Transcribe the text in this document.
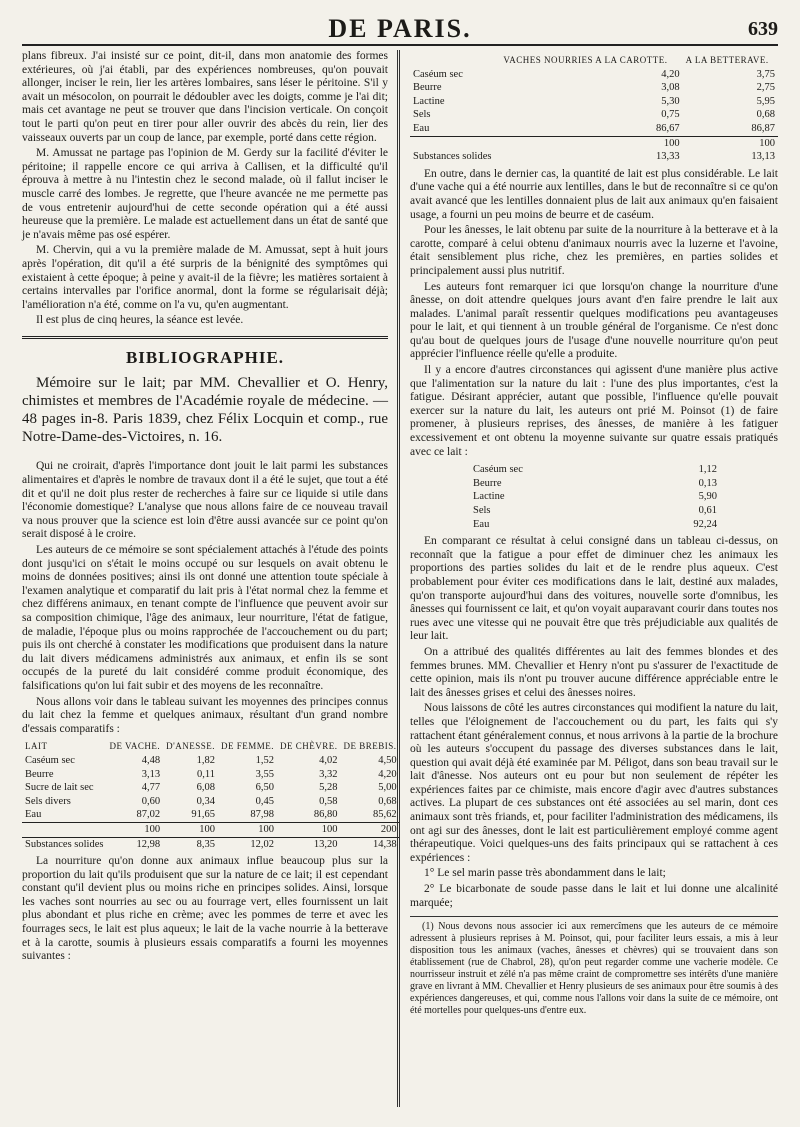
DE PARIS.	639

plans fibreux. J'ai insisté sur ce point, dit-il, dans mon anatomie des formes extérieures, où j'ai établi, par des expériences nombreuses, qu'on pouvait allonger, inciser le rein, lier les artères lombaires, sans léser le péritoine. S'il y avait un mésocolon, on pourrait le dédoubler avec les doigts, comme je l'ai dit; mais cet avantage ne peut se trouver que dans l'incision verticale. On conçoit tout le parti qu'on peut en tirer pour aller ouvrir des abcès du rein, lier des vaisseaux ouverts par un coup de lance, par exemple, porté dans cette région.

M. Amussat ne partage pas l'opinion de M. Gerdy sur la facilité d'éviter le péritoine; il rappelle encore ce qui arriva à Callisen, et la difficulté qu'il éprouva à mettre à nu l'intestin chez le second malade, où il fallut inciser le muscle carré des lombes. Je regrette, que l'heure avancée ne me permette pas de vous entretenir aujourd'hui de cette seconde opération qui a été aussi heureuse que la première. Le malade est actuellement dans un état de santé que je n'avais même pas osé espérer.

M. Chervin, qui a vu la première malade de M. Amussat, sept à huit jours après l'opération, dit qu'il a été surpris de la bénignité des symptômes qui existaient à cette époque; à peine y avait-il de la fièvre; les matières sortaient à certains intervalles par l'orifice anormal, dont la forme se régularisait déjà; l'amélioration n'a été, comme on l'a vu, qu'en augmentant.

Il est plus de cinq heures, la séance est levée.

BIBLIOGRAPHIE.
Mémoire sur le lait; par MM. Chevallier et O. Henry, chimistes et membres de l'Académie royale de médecine. — 48 pages in-8. Paris 1839, chez Félix Locquin et comp., rue Notre-Dame-des-Victoires, n. 16.

Qui ne croirait, d'après l'importance dont jouit le lait parmi les substances alimentaires et d'après le nombre de travaux dont il a été le sujet, que tout a été dit et qu'il ne doit plus rester de recherches à faire sur ce liquide si utile dans l'économie domestique? L'analyse que nous allons faire de ce nouveau travail va nous prouver que la science est loin d'être aussi avancée sur ce point qu'on serait disposé à le croire.

Les auteurs de ce mémoire se sont spécialement attachés à l'étude des points dont jusqu'ici on s'était le moins occupé ou sur lesquels on avait obtenu le moins de données positives; ainsi ils ont donné une attention toute spéciale à l'examen analytique et comparatif du lait pris à l'état normal chez la femme et chez différens animaux, en tenant compte de l'influence que peuvent avoir sur sa composition chimique, l'âge des animaux, leur nourriture, l'état de fatigue, de maladie, l'époque plus ou moins rapprochée de l'accouchement ou du part; puis ils ont cherché à constater les modifications que produisent dans la nature du lait divers médicamens administrés aux animaux, et enfin ils se sont occupés de la pureté du lait considéré comme produit économique, des falsifications qu'on lui fait subir et des moyens de les reconnaître.

Nous allons voir dans le tableau suivant les moyennes des principes connus du lait chez la femme et quelques animaux, résultant d'un grand nombre d'essais comparatifs :

LAIT	DE VACHE.	D'ANESSE.	DE FEMME.	DE CHÈVRE.	DE BREBIS.
Caséum sec	4,48	1,82	1,52	4,02	4,50
Beurre	3,13	0,11	3,55	3,32	4,20
Sucre de lait sec	4,77	6,08	6,50	5,28	5,00
Sels divers	0,60	0,34	0,45	0,58	0,68
Eau	87,02	91,65	87,98	86,80	85,62
	100	100	100	100	200
Substances solides	12,98	8,35	12,02	13,20	14,38

La nourriture qu'on donne aux animaux influe beaucoup plus sur la proportion du lait qu'ils produisent que sur la nature de ce lait; il est cependant constant qu'il devient plus ou moins riche en principes solides. Ainsi, lorsque les vaches sont nourries au sec ou au fourrage vert, elles fournissent un lait plus abondant et plus riche en crème; avec les pommes de terre et avec les fourrages secs, le lait est plus aqueux; le lait de la vache nourrie à la betterave et à la carotte, soumis à plusieurs essais comparatifs a fourni les moyennes suivantes :

	VACHES NOURRIES A LA CAROTTE.	A LA BETTERAVE.
Caséum sec	4,20	3,75
Beurre	3,08	2,75
Lactine	5,30	5,95
Sels	0,75	0,68
Eau	86,67	86,87
	100	100
Substances solides	13,33	13,13

En outre, dans le dernier cas, la quantité de lait est plus considérable. Le lait d'une vache qui a été nourrie aux lentilles, dans le but de reconnaître si ce qu'on avait avancé que les lentilles donnaient plus de lait aux animaux qu'en faisaient usage, a fourni un peu moins de beurre et de caséum.

Pour les ânesses, le lait obtenu par suite de la nourriture à la betterave et à la carotte, comparé à celui obtenu d'animaux nourris avec la luzerne et l'avoine, était sensiblement plus riche, chez les premières, en parties solides et principalement aussi plus nutritif.

Les auteurs font remarquer ici que lorsqu'on change la nourriture d'une ânesse, on doit attendre quelques jours avant d'en faire prendre le lait aux malades. L'animal paraît ressentir quelques modifications peu avantageuses pour le lait, et qui tiennent à un trouble général de l'organisme. Ce n'est donc qu'au bout de quelques jours de l'usage d'une nouvelle nourriture qu'on peut apprécier l'influence réelle qu'elle a produite.

Il y a encore d'autres circonstances qui agissent d'une manière plus active que l'alimentation sur la nature du lait : l'une des plus importantes, c'est la fatigue. Désirant apprécier, autant que possible, l'influence qu'elle pouvait exercer sur la nature du lait, les auteurs ont prié M. Poinsot (1) de faire promener, à plusieurs reprises, des ânesses, de manière à les fatiguer excessivement et ont obtenu la moyenne suivante sur quatre essais pratiqués avec ce lait :

Caséum sec	1,12
Beurre	0,13
Lactine	5,90
Sels	0,61
Eau	92,24

En comparant ce résultat à celui consigné dans un tableau ci-dessus, on reconnaît que la fatigue a pour effet de diminuer chez les animaux les proportions des parties solides du lait et de le rendre plus aqueux. C'est probablement pour éviter ces modifications dans le lait, destiné aux malades, qu'on transporte aujourd'hui dans des voitures, nouvelle sorte d'omnibus, les ânesses qui fournissent ce lait, et qu'on voyait auparavant courir dans toutes nos rues avec une vitesse qui ne pouvait être que très préjudiciable aux qualités de leur lait.

On a attribué des qualités différentes au lait des femmes blondes et des femmes brunes. MM. Chevallier et Henry n'ont pu s'assurer de l'exactitude de cette opinion, mais ils n'ont pu trouver aucune différence appréciable entre le lait des ânesses grises et celui des ânesses noires.

Nous laissons de côté les autres circonstances qui modifient la nature du lait, telles que l'éloignement de l'accouchement ou du part, les faits qui s'y rattachent étant généralement connus, et nous arrivons à la partie de la brochure où les auteurs s'occupent du passage des diverses substances dans le lait, question qui avait déjà été examinée par M. Péligot, dans son beau travail sur le lait d'ânesse. Nos auteurs ont eu pour but non seulement de répéter les expériences faites par ce chimiste, mais encore d'agir avec d'autres substances actives. La plupart de ces substances ont été associées au sel marin, dont ces animaux sont très friands, et, pour faciliter l'administration des médicamens, ils ont agi sur des ânesses, dont le lait est particulièrement employé comme agent thérapeutique. Voici quelques-uns des faits principaux qui se rattachent à ces expériences :

1° Le sel marin passe très abondamment dans le lait;

2° Le bicarbonate de soude passe dans le lait et lui donne une alcalinité marquée;

(1) Nous devons nous associer ici aux remercîmens que les auteurs de ce mémoire adressent à plusieurs reprises à M. Poinsot, qui, pour faciliter leurs essais, a mis à leur disposition tous les animaux (vaches, ânesses et chèvres) qui se trouvaient dans son établissement (rue de Chabrol, 28), qu'on peut regarder comme une vacherie modèle. Ce nourrisseur instruit et zélé n'a pas même craint de compromettre ses intérêts d'une manière grave en livrant à MM. Chevallier et Henry plusieurs de ses animaux pour être soumis à des expériences dangereuses, et qui, comme nous l'allons voir dans la suite de ce mémoire, ont été mortelles pour quelques-uns d'entre eux.
